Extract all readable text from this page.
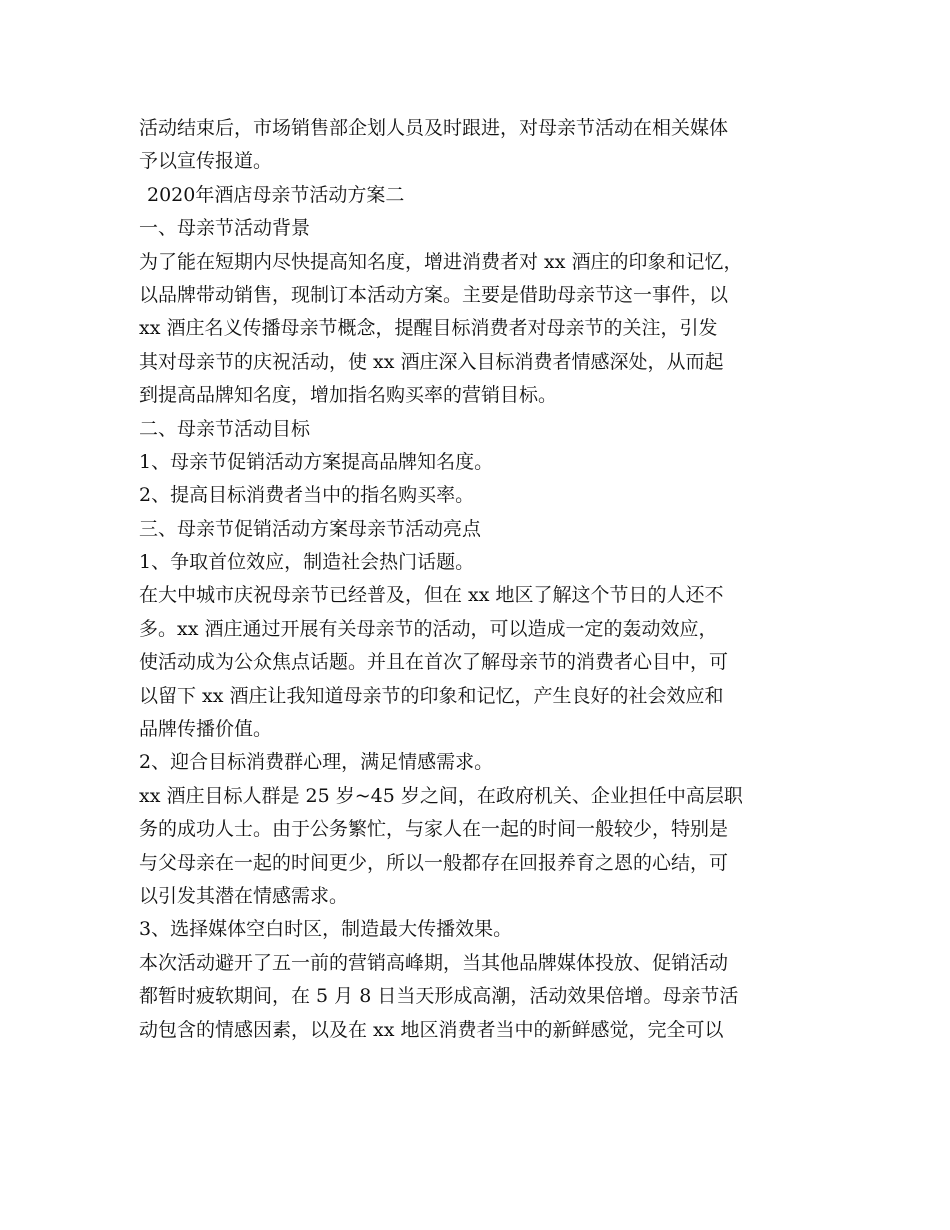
活动结束后，市场销售部企划人员及时跟进，对母亲节活动在相关媒体
予以宣传报道。
2020年酒店母亲节活动方案二
一、母亲节活动背景
为了能在短期内尽快提高知名度，增进消费者对 xx 酒庄的印象和记忆，
以品牌带动销售，现制订本活动方案。主要是借助母亲节这一事件，以
xx 酒庄名义传播母亲节概念，提醒目标消费者对母亲节的关注，引发
其对母亲节的庆祝活动，使 xx 酒庄深入目标消费者情感深处，从而起
到提高品牌知名度，增加指名购买率的营销目标。
二、母亲节活动目标
1、母亲节促销活动方案提高品牌知名度。
2、提高目标消费者当中的指名购买率。
三、母亲节促销活动方案母亲节活动亮点
1、争取首位效应，制造社会热门话题。
在大中城市庆祝母亲节已经普及，但在 xx 地区了解这个节日的人还不
多。xx 酒庄通过开展有关母亲节的活动，可以造成一定的轰动效应，
使活动成为公众焦点话题。并且在首次了解母亲节的消费者心目中，可
以留下 xx 酒庄让我知道母亲节的印象和记忆，产生良好的社会效应和
品牌传播价值。
2、迎合目标消费群心理，满足情感需求。
xx 酒庄目标人群是 25 岁~45 岁之间，在政府机关、企业担任中高层职
务的成功人士。由于公务繁忙，与家人在一起的时间一般较少，特别是
与父母亲在一起的时间更少，所以一般都存在回报养育之恩的心结，可
以引发其潜在情感需求。
3、选择媒体空白时区，制造最大传播效果。
本次活动避开了五一前的营销高峰期，当其他品牌媒体投放、促销活动
都暂时疲软期间，在 5 月 8 日当天形成高潮，活动效果倍增。母亲节活
动包含的情感因素，以及在 xx 地区消费者当中的新鲜感觉，完全可以
